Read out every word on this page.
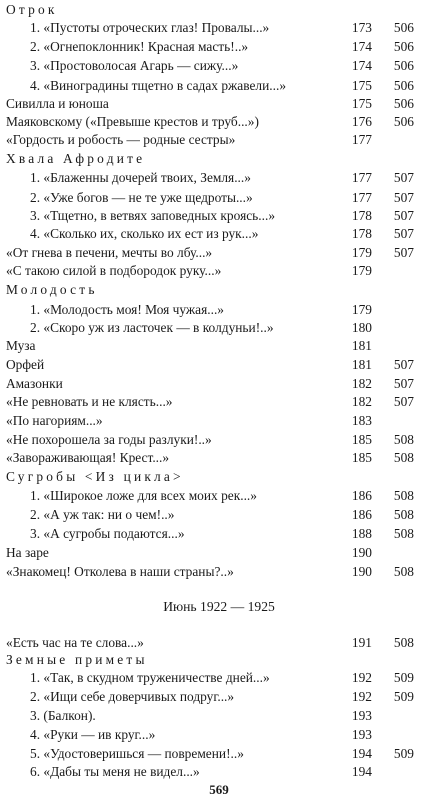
Отрок
1. «Пустоты отроческих глаз! Провалы...»	173	506
2. «Огнепоклонник! Красная масть!..»	174	506
3. «Простоволосая Агарь — сижу...»	174	506
4. «Виноградины тщетно в садах ржавели...»	175	506
Сивилла и юноша	175	506
Маяковскому («Превыше крестов и труб...»)	176	506
«Гордость и робость — родные сестры»	177
Хвала Афродите
1. «Блаженны дочерей твоих, Земля...»	177	507
2. «Уже богов — не те уже щедроты...»	177	507
3. «Тщетно, в ветвях заповедных кроясь...»	178	507
4. «Сколько их, сколько их ест из рук...»	178	507
«От гнева в печени, мечты во лбу...»	179	507
«С такою силой в подбородок руку...»	179
Молодость
1. «Молодость моя! Моя чужая...»	179
2. «Скоро уж из ласточек — в колдуньи!..»	180
Муза	181
Орфей	181	507
Амазонки	182	507
«Не ревновать и не клясть...»	182	507
«По нагориям...»	183
«Не похорошела за годы разлуки!..»	185	508
«Завораживающая! Крест...»	185	508
Сугробы <Из цикла>
1. «Широкое ложе для всех моих рек...»	186	508
2. «А уж так: ни о чем!..»	186	508
3. «А сугробы подаются...»	188	508
На заре	190
«Знакомец! Отколева в наши страны?..»	190	508
Июнь 1922 — 1925
«Есть час на те слова...»	191	508
Земные приметы
1. «Так, в скудном труженичестве дней...»	192	509
2. «Ищи себе доверчивых подруг...»	192	509
3. (Балкон).	193
4. «Руки — ив круг...»	193
5. «Удостоверишься — повремени!..»	194	509
6. «Дабы ты меня не видел...»	194
569
